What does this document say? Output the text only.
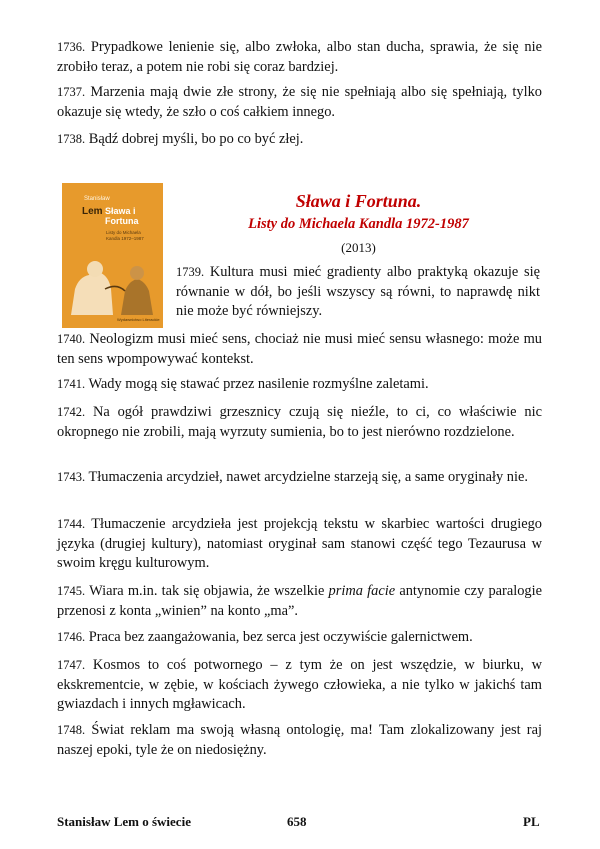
1736. Prypadkowe lenienie się, albo zwłoka, albo stan ducha, sprawia, że się nie zrobiło teraz, a potem nie robi się coraz bardziej.

1737. Marzenia mają dwie złe strony, że się nie spełniają albo się spełniają, tylko okazuje się wtedy, że szło o coś całkiem innego.

1738. Bądź dobrej myśli, bo po co być złej.

Stanisław
Lem Sława i Fortuna
Listy do Michaela Kandla 1972–1987
Wydawnictwo Literackie

Sława i Fortuna.

Listy do Michaela Kandla 1972-1987

(2013)

1739. Kultura musi mieć gradienty albo praktyką okazuje się równanie w dół, bo jeśli wszyscy są równi, to naprawdę nikt nie może być równiejszy.

1740. Neologizm musi mieć sens, chociaż nie musi mieć sensu własnego: może mu ten sens wpompowywać kontekst.

1741. Wady mogą się stawać przez nasilenie rozmyślne zaletami.

1742. Na ogół prawdziwi grzesznicy czują się nieźle, to ci, co właściwie nic okropnego nie zrobili, mają wyrzuty sumienia, bo to jest nierówno rozdzielone.

1743. Tłumaczenia arcydzieł, nawet arcydzielne starzeją się, a same oryginały nie.

1744. Tłumaczenie arcydzieła jest projekcją tekstu w skarbiec wartości drugiego języka (drugiej kultury), natomiast oryginał sam stanowi część tego Tezaurusa w swoim kręgu kulturowym.

1745. Wiara m.in. tak się objawia, że wszelkie prima facie antynomie czy paralogie przenosi z konta „winien” na konto „ma”.

1746. Praca bez zaangażowania, bez serca jest oczywiście galernictwem.

1747. Kosmos to coś potwornego – z tym że on jest wszędzie, w biurku, w ekskrementcie, w zębie, w kościach żywego człowieka, a nie tylko w jakichś tam gwiazdach i innych mgławicach.

1748. Świat reklam ma swoją własną ontologię, ma! Tam zlokalizowany jest raj naszej epoki, tyle że on niedosiężny.

Stanisław Lem o świecie	658	PL
